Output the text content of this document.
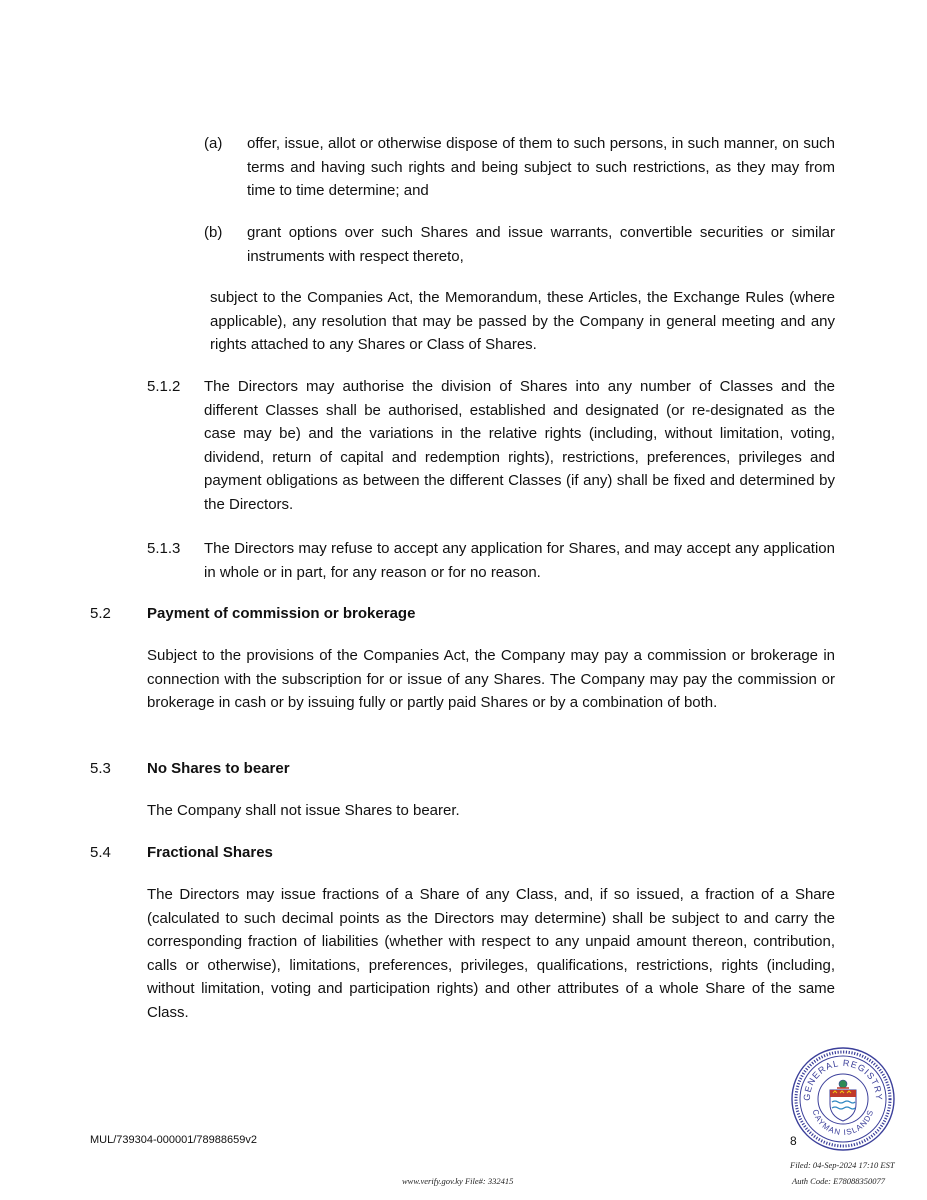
(a) offer, issue, allot or otherwise dispose of them to such persons, in such manner, on such terms and having such rights and being subject to such restrictions, as they may from time to time determine; and
(b) grant options over such Shares and issue warrants, convertible securities or similar instruments with respect thereto,
subject to the Companies Act, the Memorandum, these Articles, the Exchange Rules (where applicable), any resolution that may be passed by the Company in general meeting and any rights attached to any Shares or Class of Shares.
5.1.2 The Directors may authorise the division of Shares into any number of Classes and the different Classes shall be authorised, established and designated (or re-designated as the case may be) and the variations in the relative rights (including, without limitation, voting, dividend, return of capital and redemption rights), restrictions, preferences, privileges and payment obligations as between the different Classes (if any) shall be fixed and determined by the Directors.
5.1.3 The Directors may refuse to accept any application for Shares, and may accept any application in whole or in part, for any reason or for no reason.
5.2 Payment of commission or brokerage
Subject to the provisions of the Companies Act, the Company may pay a commission or brokerage in connection with the subscription for or issue of any Shares. The Company may pay the commission or brokerage in cash or by issuing fully or partly paid Shares or by a combination of both.
5.3 No Shares to bearer
The Company shall not issue Shares to bearer.
5.4 Fractional Shares
The Directors may issue fractions of a Share of any Class, and, if so issued, a fraction of a Share (calculated to such decimal points as the Directors may determine) shall be subject to and carry the corresponding fraction of liabilities (whether with respect to any unpaid amount thereon, contribution, calls or otherwise), limitations, preferences, privileges, qualifications, restrictions, rights (including, without limitation, voting and participation rights) and other attributes of a whole Share of the same Class.
MUL/739304-000001/78988659v2	8
www.verify.gov.ky File#: 332415
Filed: 04-Sep-2024 17:10 EST
Auth Code: E78088350077
GENERAL REGISTRY
CAYMAN ISLANDS
